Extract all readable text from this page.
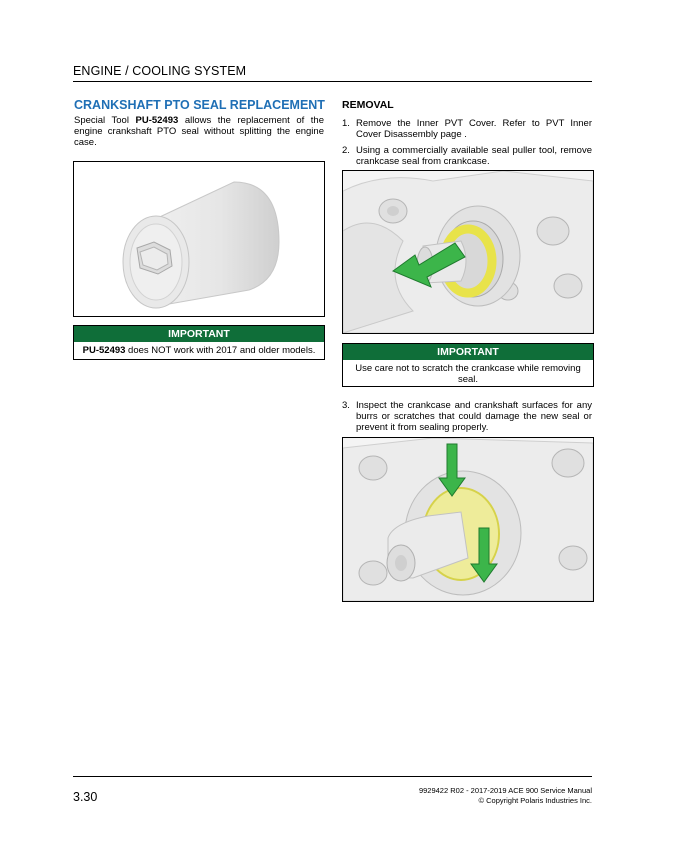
ENGINE / COOLING SYSTEM
CRANKSHAFT PTO SEAL REPLACEMENT
Special Tool PU-52493 allows the replacement of the engine crankshaft PTO seal without splitting the engine case.
IMPORTANT
PU-52493 does NOT work with 2017 and older models.
REMOVAL
1. Remove the Inner PVT Cover. Refer to PVT Inner Cover Disassembly page .
2. Using a commercially available seal puller tool, remove crankcase seal from crankcase.
IMPORTANT
Use care not to scratch the crankcase while removing seal.
3. Inspect the crankcase and crankshaft surfaces for any burrs or scratches that could damage the new seal or prevent it from sealing properly.
3.30	9929422 R02 - 2017-2019 ACE 900 Service Manual
© Copyright Polaris Industries Inc.
